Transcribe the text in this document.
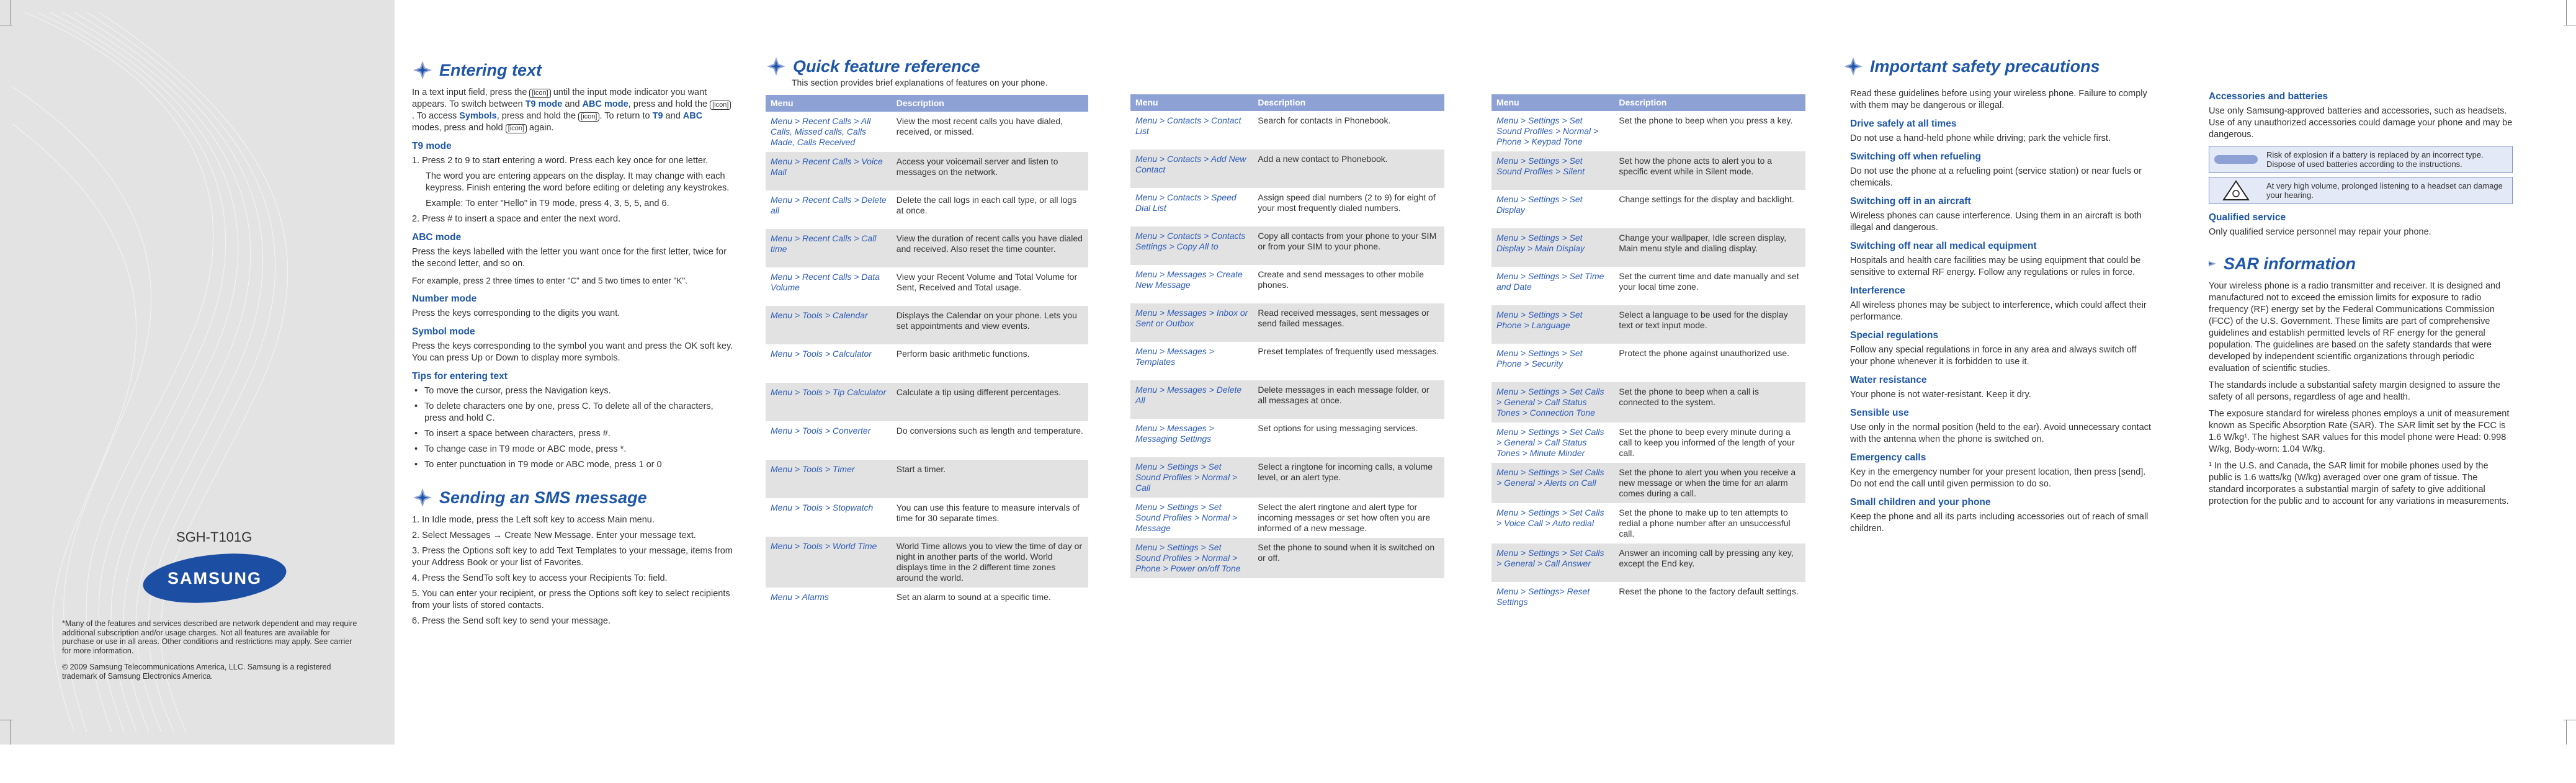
SGH-T101G
SAMSUNG
*Many of the features and services described are network dependent and may require additional subscription and/or usage charges. Not all features are available for purchase or use in all areas. Other conditions and restrictions may apply. See carrier for more information.
© 2009 Samsung Telecommunications America, LLC. Samsung is a registered trademark of Samsung Electronics America.
Entering text

In a text input field, press the [icon] until the input mode indicator you want appears. To switch between T9 mode and ABC mode, press and hold the [icon]. To access Symbols, press and hold the [icon] . To return to T9 and ABC modes, press and hold [icon] again.

T9 mode
1. Press 2 to 9 to start entering a word. Press each key once for one letter.
The word you are entering appears on the display. It may change with each keypress. Finish entering the word before editing or deleting any keystrokes.
Example: To enter "Hello" in T9 mode, press 4, 3, 5, 5, and 6.
2. Press # to insert a space and enter the next word.
ABC mode

Press the keys labelled with the letter you want once for the first letter, twice for the second letter, and so on.

For example, press 2 three times to enter "C" and 5 two times to enter "K".

Number mode

Press the keys corresponding to the digits you want.

Symbol mode

Press the keys corresponding to the symbol you want and press the OK soft key. You can press Up or Down to display more symbols.

Tips for entering text
• To move the cursor, press the Navigation keys.
• To delete characters one by one, press C. To delete all of the characters, press and hold C.
• To insert a space between characters, press #.
• To change case in T9 mode or ABC mode, press *.
• To enter punctuation in T9 mode or ABC mode, press 1 or 0
Sending an SMS message
1. In Idle mode, press the Left soft key to access Main menu.
2. Select Messages → Create New Message. Enter your message text.
3. Press the Options soft key to add Text Templates to your message, items from your Address Book or your list of Favorites.
4. Press the SendTo soft key to access your Recipients To: field.
5. You can enter your recipient, or press the Options soft key to select recipients from your lists of stored contacts.
6. Press the Send soft key to send your message.
Quick feature reference
This section provides brief explanations of features on your phone.
Menu	Description
Menu > Recent Calls > All Calls, Missed calls, Calls Made, Calls Received	View the most recent calls you have dialed, received, or missed.
Menu > Recent Calls > Voice Mail	Access your voicemail server and listen to messages on the network.
Menu > Recent Calls > Delete all	Delete the call logs in each call type, or all logs at once.
Menu > Recent Calls > Call time	View the duration of recent calls you have dialed and received. Also reset the time counter.
Menu > Recent Calls > Data Volume	View your Recent Volume and Total Volume for Sent, Received and Total usage.
Menu > Tools > Calendar	Displays the Calendar on your phone. Lets you set appointments and view events.
Menu > Tools > Calculator	Perform basic arithmetic functions.
Menu > Tools > Tip Calculator	Calculate a tip using different percentages.
Menu > Tools > Converter	Do conversions such as length and temperature.
Menu > Tools > Timer	Start a timer.
Menu > Tools > Stopwatch	You can use this feature to measure intervals of time for 30 separate times.
Menu > Tools > World Time	World Time allows you to view the time of day or night in another parts of the world. World displays time in the 2 different time zones around the world.
Menu > Alarms	Set an alarm to sound at a specific time.
Menu	Description
Menu > Contacts > Contact List	Search for contacts in Phonebook.
Menu > Contacts > Add New Contact	Add a new contact to Phonebook.
Menu > Contacts > Speed Dial List	Assign speed dial numbers (2 to 9) for eight of your most frequently dialed numbers.
Menu > Contacts > Contacts Settings > Copy All to	Copy all contacts from your phone to your SIM or from your SIM to your phone.
Menu > Messages > Create New Message	Create and send messages to other mobile phones.
Menu > Messages > Inbox or Sent or Outbox	Read received messages, sent messages or send failed messages.
Menu > Messages > Templates	Preset templates of frequently used messages.
Menu > Messages > Delete All	Delete messages in each message folder, or all messages at once.
Menu > Messages > Messaging Settings	Set options for using messaging services.
Menu > Settings > Set Sound Profiles > Normal > Call	Select a ringtone for incoming calls, a volume level, or an alert type.
Menu > Settings > Set Sound Profiles > Normal > Message	Select the alert ringtone and alert type for incoming messages or set how often you are informed of a new message.
Menu > Settings > Set Sound Profiles > Normal > Phone > Power on/off Tone	Set the phone to sound when it is switched on or off.
Menu	Description
Menu > Settings > Set Sound Profiles > Normal > Phone > Keypad Tone	Set the phone to beep when you press a key.
Menu > Settings > Set Sound Profiles > Silent	Set how the phone acts to alert you to a specific event while in Silent mode.
Menu > Settings > Set Display	Change settings for the display and backlight.
Menu > Settings > Set Display > Main Display	Change your wallpaper, Idle screen display, Main menu style and dialing display.
Menu > Settings > Set Time and Date	Set the current time and date manually and set your local time zone.
Menu > Settings > Set Phone > Language	Select a language to be used for the display text or text input mode.
Menu > Settings > Set Phone > Security	Protect the phone against unauthorized use.
Menu > Settings > Set Calls > General > Call Status Tones > Connection Tone	Set the phone to beep when a call is connected to the system.
Menu > Settings > Set Calls > General > Call Status Tones > Minute Minder	Set the phone to beep every minute during a call to keep you informed of the length of your call.
Menu > Settings > Set Calls > General > Alerts on Call	Set the phone to alert you when you receive a new message or when the time for an alarm comes during a call.
Menu > Settings > Set Calls > Voice Call > Auto redial	Set the phone to make up to ten attempts to redial a phone number after an unsuccessful call.
Menu > Settings > Set Calls > General > Call Answer	Answer an incoming call by pressing any key, except the End key.
Menu > Settings> Reset Settings	Reset the phone to the factory default settings.
Important safety precautions

Read these guidelines before using your wireless phone. Failure to comply with them may be dangerous or illegal.

Drive safely at all times

Do not use a hand-held phone while driving; park the vehicle first.

Switching off when refueling

Do not use the phone at a refueling point (service station) or near fuels or chemicals.

Switching off in an aircraft

Wireless phones can cause interference. Using them in an aircraft is both illegal and dangerous.

Switching off near all medical equipment

Hospitals and health care facilities may be using equipment that could be sensitive to external RF energy. Follow any regulations or rules in force.

Interference

All wireless phones may be subject to interference, which could affect their performance.

Special regulations

Follow any special regulations in force in any area and always switch off your phone whenever it is forbidden to use it.

Water resistance

Your phone is not water-resistant. Keep it dry.

Sensible use

Use only in the normal position (held to the ear). Avoid unnecessary contact with the antenna when the phone is switched on.

Emergency calls

Key in the emergency number for your present location, then press [send]. Do not end the call until given permission to do so.

Small children and your phone

Keep the phone and all its parts including accessories out of reach of small children.

Accessories and batteries

Use only Samsung-approved batteries and accessories, such as headsets. Use of any unauthorized accessories could damage your phone and may be dangerous.

Risk of explosion if a battery is replaced by an incorrect type. Dispose of used batteries according to the instructions.
At very high volume, prolonged listening to a headset can damage your hearing.
Qualified service

Only qualified service personnel may repair your phone.

SAR information

Your wireless phone is a radio transmitter and receiver. It is designed and manufactured not to exceed the emission limits for exposure to radio frequency (RF) energy set by the Federal Communications Commission (FCC) of the U.S. Government. These limits are part of comprehensive guidelines and establish permitted levels of RF energy for the general population. The guidelines are based on the safety standards that were developed by independent scientific organizations through periodic evaluation of scientific studies.

The standards include a substantial safety margin designed to assure the safety of all persons, regardless of age and health.

The exposure standard for wireless phones employs a unit of measurement known as Specific Absorption Rate (SAR). The SAR limit set by the FCC is 1.6 W/kg¹. The highest SAR values for this model phone were Head: 0.998 W/kg, Body-worn: 1.04 W/kg.

¹ In the U.S. and Canada, the SAR limit for mobile phones used by the public is 1.6 watts/kg (W/kg) averaged over one gram of tissue. The standard incorporates a substantial margin of safety to give additional protection for the public and to account for any variations in measurements.
